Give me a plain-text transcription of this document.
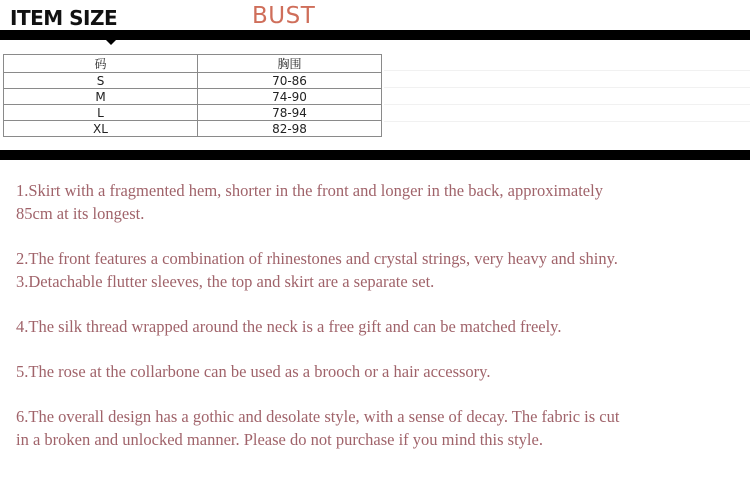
ITEM SIZE	BUST
码	胸围
S	70-86
M	74-90
L	78-94
XL	82-98

1.Skirt with a fragmented hem, shorter in the front and longer in the back, approximately

85cm at its longest.

2.The front features a combination of rhinestones and crystal strings, very heavy and shiny.

3.Detachable flutter sleeves, the top and skirt are a separate set.

4.The silk thread wrapped around the neck is a free gift and can be matched freely.

5.The rose at the collarbone can be used as a brooch or a hair accessory.

6.The overall design has a gothic and desolate style, with a sense of decay. The fabric is cut

in a broken and unlocked manner. Please do not purchase if you mind this style.
